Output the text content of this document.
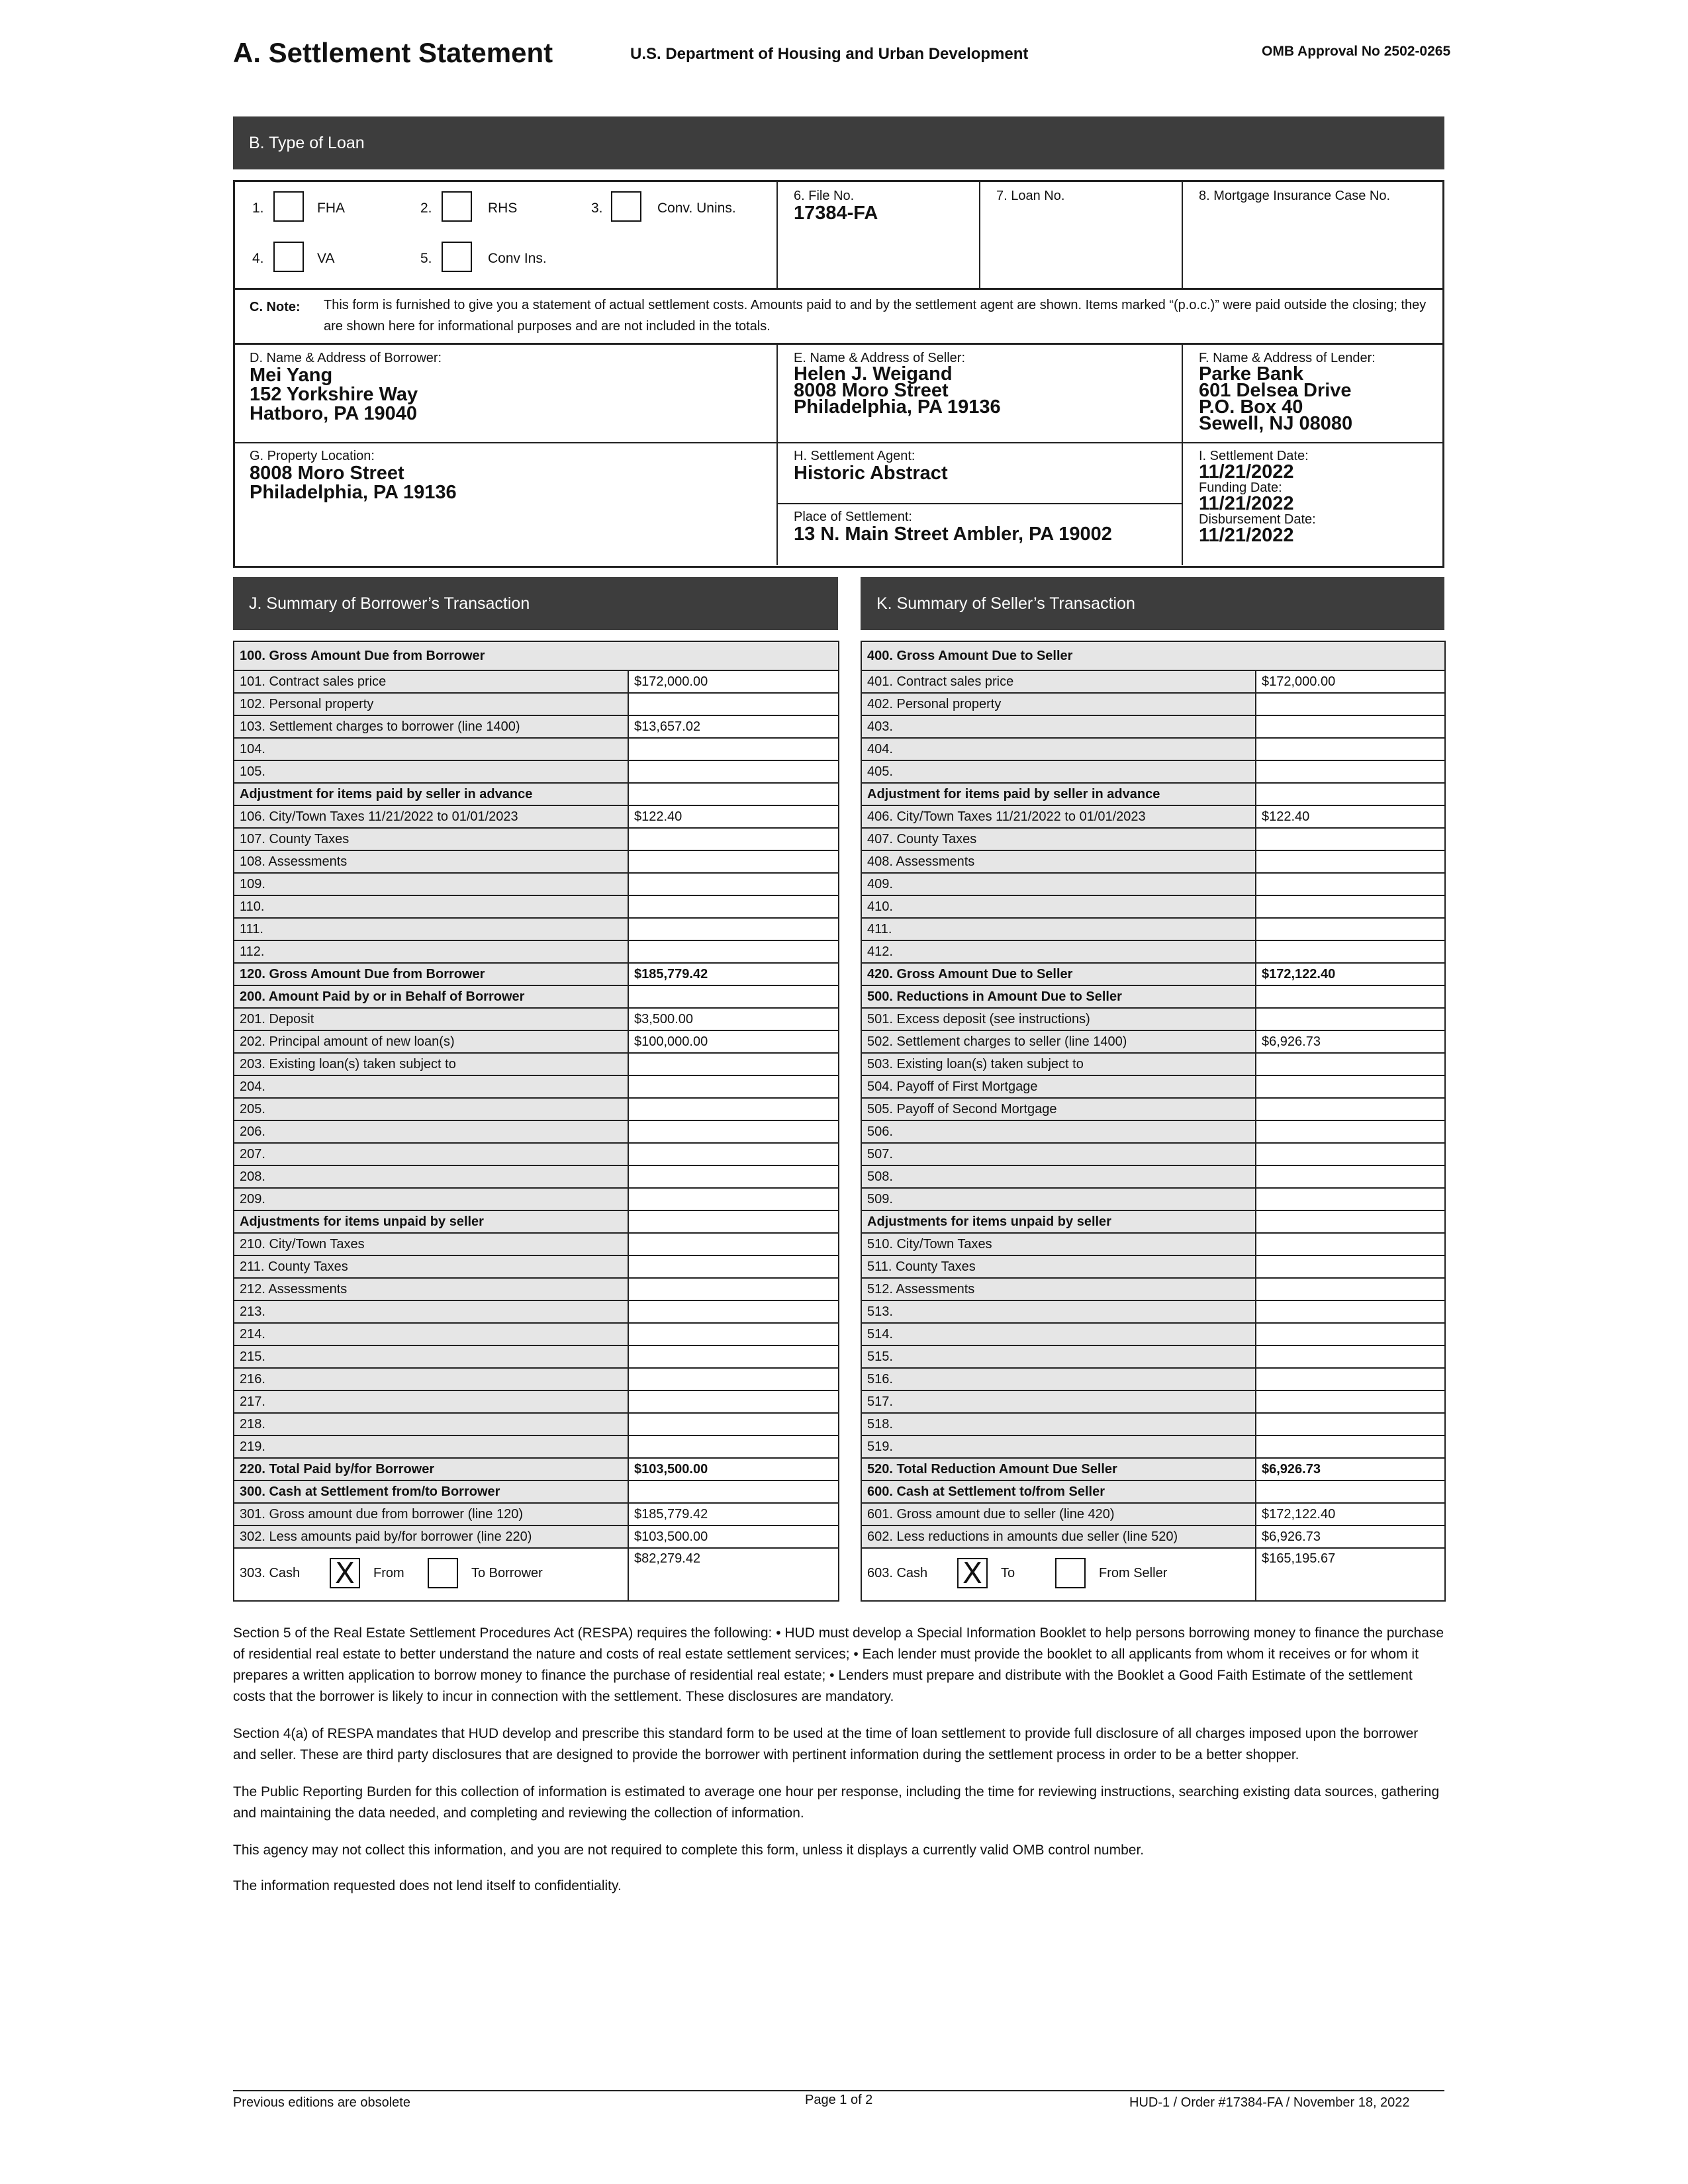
A. Settlement Statement	U.S. Department of Housing and Urban Development	OMB Approval No 2502-0265
B. Type of Loan
1.	FHA	2.	RHS	3.	Conv. Unins.
4.	VA	5.	Conv Ins.
6. File No.
17384-FA
7. Loan No.	8. Mortgage Insurance Case No.
C. Note: This form is furnished to give you a statement of actual settlement costs. Amounts paid to and by the settlement agent are shown. Items marked “(p.o.c.)” were paid outside the closing; they are shown here for informational purposes and are not included in the totals.
D. Name & Address of Borrower:
Mei Yang
152 Yorkshire Way
Hatboro, PA 19040
E. Name & Address of Seller:
Helen J. Weigand
8008 Moro Street
Philadelphia, PA 19136
F. Name & Address of Lender:
Parke Bank
601 Delsea Drive
P.O. Box 40
Sewell, NJ 08080
G. Property Location:
8008 Moro Street
Philadelphia, PA 19136
H. Settlement Agent:
Historic Abstract
Place of Settlement:
13 N. Main Street Ambler, PA 19002
I. Settlement Date:
11/21/2022
Funding Date:
11/21/2022
Disbursement Date:
11/21/2022
J. Summary of Borrower’s Transaction	K. Summary of Seller’s Transaction
100. Gross Amount Due from Borrower	
101. Contract sales price	$172,000.00
102. Personal property	
103. Settlement charges to borrower (line 1400)	$13,657.02
104.	
105.	
Adjustment for items paid by seller in advance	
106. City/Town Taxes 11/21/2022 to 01/01/2023	$122.40
107. County Taxes	
108. Assessments	
109.	
110.	
111.	
112.	
120. Gross Amount Due from Borrower	$185,779.42
200. Amount Paid by or in Behalf of Borrower	
201. Deposit	$3,500.00
202. Principal amount of new loan(s)	$100,000.00
203. Existing loan(s) taken subject to	
204.	
205.	
206.	
207.	
208.	
209.	
Adjustments for items unpaid by seller	
210. City/Town Taxes	
211. County Taxes	
212. Assessments	
213.	
214.	
215.	
216.	
217.	
218.	
219.	
220. Total Paid by/for Borrower	$103,500.00
300. Cash at Settlement from/to Borrower	
301. Gross amount due from borrower (line 120)	$185,779.42
302. Less amounts paid by/for borrower (line 220)	$103,500.00

303. Cash X From To Borrower	$82,279.42
400. Gross Amount Due to Seller	
401. Contract sales price	$172,000.00
402. Personal property	
403.	
404.	
405.	
Adjustment for items paid by seller in advance	
406. City/Town Taxes 11/21/2022 to 01/01/2023	$122.40
407. County Taxes	
408. Assessments	
409.	
410.	
411.	
412.	
420. Gross Amount Due to Seller	$172,122.40
500. Reductions in Amount Due to Seller	
501. Excess deposit (see instructions)	
502. Settlement charges to seller (line 1400)	$6,926.73
503. Existing loan(s) taken subject to	
504. Payoff of First Mortgage	
505. Payoff of Second Mortgage	
506.	
507.	
508.	
509.	
Adjustments for items unpaid by seller	
510. City/Town Taxes	
511. County Taxes	
512. Assessments	
513.	
514.	
515.	
516.	
517.	
518.	
519.	
520. Total Reduction Amount Due Seller	$6,926.73
600. Cash at Settlement to/from Seller	
601. Gross amount due to seller (line 420)	$172,122.40
602. Less reductions in amounts due seller (line 520)	$6,926.73

603. Cash X To From Seller	$165,195.67
Section 5 of the Real Estate Settlement Procedures Act (RESPA) requires the following: • HUD must develop a Special Information Booklet to help persons borrowing money to finance the purchase of residential real estate to better understand the nature and costs of real estate settlement services; • Each lender must provide the booklet to all applicants from whom it receives or for whom it prepares a written application to borrow money to finance the purchase of residential real estate; • Lenders must prepare and distribute with the Booklet a Good Faith Estimate of the settlement costs that the borrower is likely to incur in connection with the settlement. These disclosures are mandatory.
Section 4(a) of RESPA mandates that HUD develop and prescribe this standard form to be used at the time of loan settlement to provide full disclosure of all charges imposed upon the borrower and seller. These are third party disclosures that are designed to provide the borrower with pertinent information during the settlement process in order to be a better shopper.
The Public Reporting Burden for this collection of information is estimated to average one hour per response, including the time for reviewing instructions, searching existing data sources, gathering and maintaining the data needed, and completing and reviewing the collection of information.
This agency may not collect this information, and you are not required to complete this form, unless it displays a currently valid OMB control number.
The information requested does not lend itself to confidentiality.
Previous editions are obsolete	Page 1 of 2	HUD-1 / Order #17384-FA / November 18, 2022
